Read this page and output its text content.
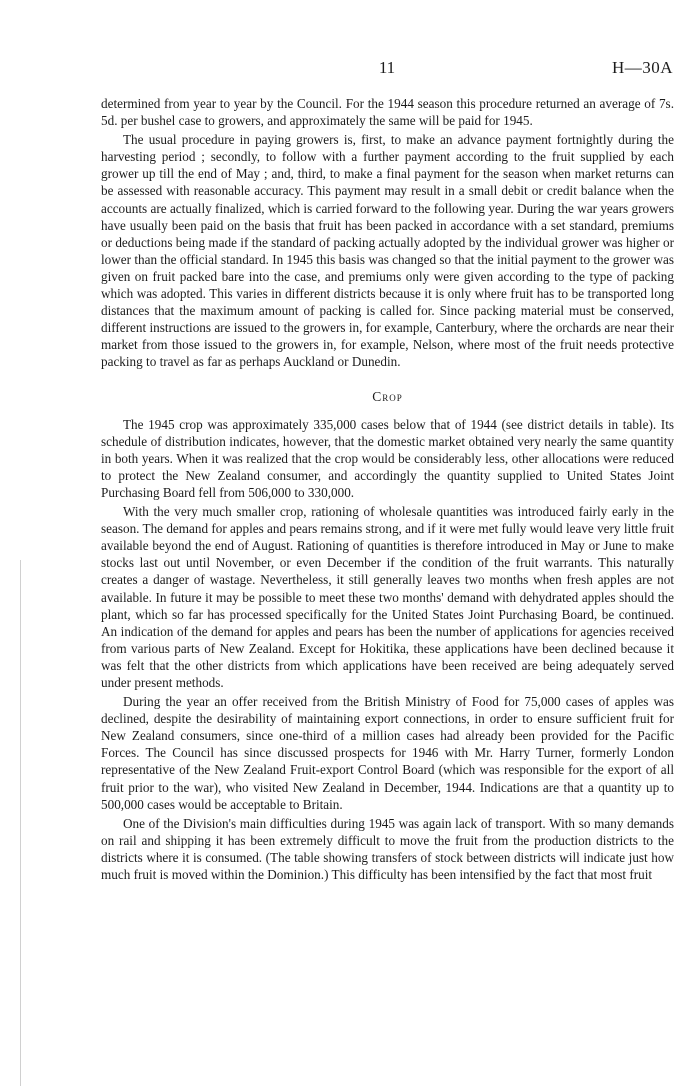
11	H—30A

determined from year to year by the Council. For the 1944 season this procedure returned an average of 7s. 5d. per bushel case to growers, and approximately the same will be paid for 1945.

The usual procedure in paying growers is, first, to make an advance payment fortnightly during the harvesting period ; secondly, to follow with a further payment according to the fruit supplied by each grower up till the end of May ; and, third, to make a final payment for the season when market returns can be assessed with reasonable accuracy. This payment may result in a small debit or credit balance when the accounts are actually finalized, which is carried forward to the following year. During the war years growers have usually been paid on the basis that fruit has been packed in accordance with a set standard, premiums or deductions being made if the standard of packing actually adopted by the individual grower was higher or lower than the official standard. In 1945 this basis was changed so that the initial payment to the grower was given on fruit packed bare into the case, and premiums only were given according to the type of packing which was adopted. This varies in different districts because it is only where fruit has to be transported long distances that the maximum amount of packing is called for. Since packing material must be conserved, different instructions are issued to the growers in, for example, Canterbury, where the orchards are near their market from those issued to the growers in, for example, Nelson, where most of the fruit needs protective packing to travel as far as perhaps Auckland or Dunedin.

Crop

The 1945 crop was approximately 335,000 cases below that of 1944 (see district details in table). Its schedule of distribution indicates, however, that the domestic market obtained very nearly the same quantity in both years. When it was realized that the crop would be considerably less, other allocations were reduced to protect the New Zealand consumer, and accordingly the quantity supplied to United States Joint Purchasing Board fell from 506,000 to 330,000.

With the very much smaller crop, rationing of wholesale quantities was introduced fairly early in the season. The demand for apples and pears remains strong, and if it were met fully would leave very little fruit available beyond the end of August. Rationing of quantities is therefore introduced in May or June to make stocks last out until November, or even December if the condition of the fruit warrants. This naturally creates a danger of wastage. Nevertheless, it still generally leaves two months when fresh apples are not available. In future it may be possible to meet these two months' demand with dehydrated apples should the plant, which so far has processed specifically for the United States Joint Purchasing Board, be continued. An indication of the demand for apples and pears has been the number of applications for agencies received from various parts of New Zealand. Except for Hokitika, these applications have been declined because it was felt that the other districts from which applications have been received are being adequately served under present methods.

During the year an offer received from the British Ministry of Food for 75,000 cases of apples was declined, despite the desirability of maintaining export connections, in order to ensure sufficient fruit for New Zealand consumers, since one-third of a million cases had already been provided for the Pacific Forces. The Council has since discussed prospects for 1946 with Mr. Harry Turner, formerly London representative of the New Zealand Fruit-export Control Board (which was responsible for the export of all fruit prior to the war), who visited New Zealand in December, 1944. Indications are that a quantity up to 500,000 cases would be acceptable to Britain.

One of the Division's main difficulties during 1945 was again lack of transport. With so many demands on rail and shipping it has been extremely difficult to move the fruit from the production districts to the districts where it is consumed. (The table showing transfers of stock between districts will indicate just how much fruit is moved within the Dominion.) This difficulty has been intensified by the fact that most fruit
